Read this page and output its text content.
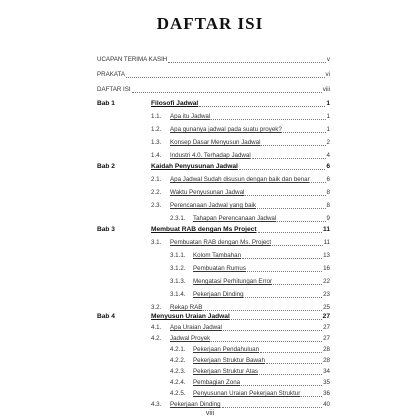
DAFTAR ISI
UCAPAN TERIMA KASIH	v
PRAKATA	vi
DAFTAR ISI	viii
Bab 1	Filosofi Jadwal	1
1.1. Apa itu Jadwal	1
1.2. Apa gunanya jadwal pada suatu proyek?	1
1.3. Konsep Dasar Menyusun Jadwal	2
1.4. Industri 4.0. Terhadap Jadwal	4
Bab 2	Kaidah Penyusunan Jadwal	6
2.1. Apa Jadwal Sudah disusun dengan baik dan benar	6
2.2. Waktu Penyusunan Jadwal	8
2.3. Perencanaan Jadwal yang baik	8
2.3.1. Tahapan Perencanaan Jadwal	9
Bab 3	Membuat RAB dengan Ms Project	11
3.1. Pembuatan RAB dengan Ms. Project	11
3.1.1. Kolom Tambahan	13
3.1.2. Pembuatan Rumus	16
3.1.3. Mengatasi Perhitungan Error	22
3.1.4. Pekerjaan Dinding	23
3.2. Rekap RAB	25
Bab 4	Menyusun Uraian Jadwal	27
4.1. Apa Uraian Jadwal	27
4.2. Jadwal Proyek	27
4.2.1. Pekerjaan Pendahuluan	28
4.2.2. Pekerjaan Struktur Bawah	28
4.2.3. Pekerjaan Struktur Atas	34
4.2.4. Pembagian Zona	35
4.2.5. Penyusunan Uraian Pekerjaan Struktur	36
4.3. Pekerjaan Dinding	40
viii
